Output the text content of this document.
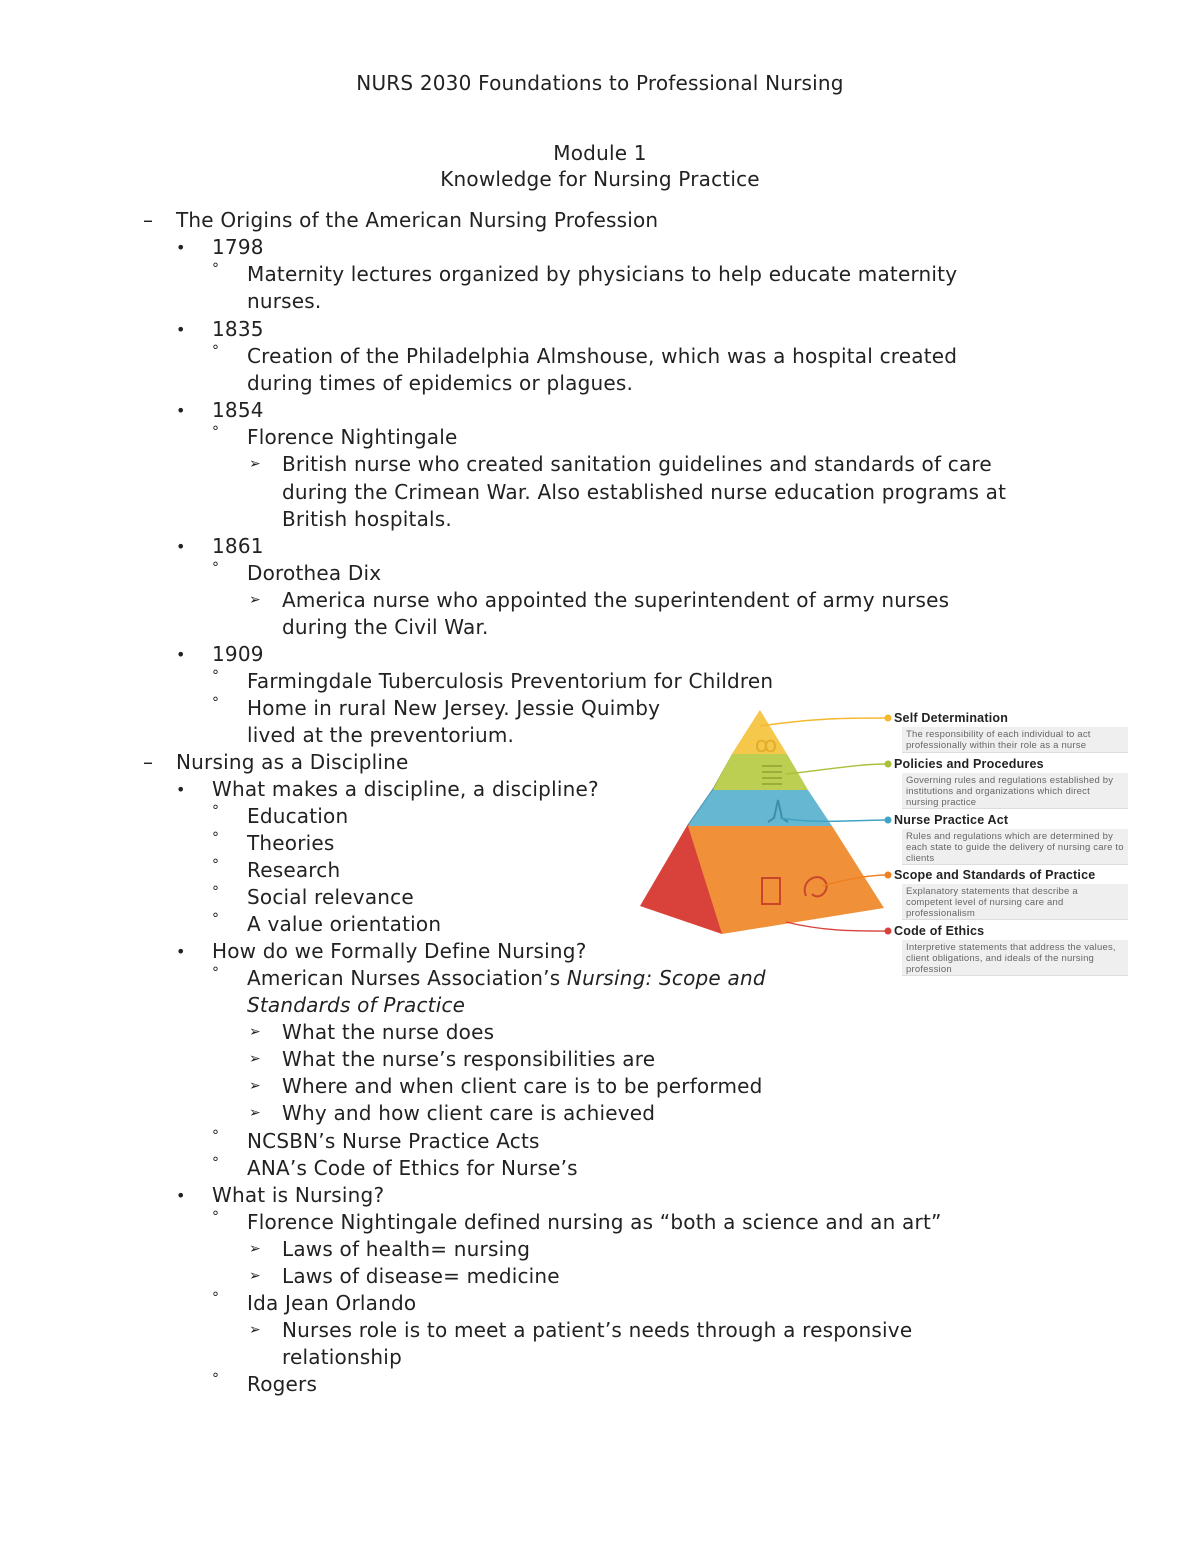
NURS 2030 Foundations to Professional Nursing
Module 1
Knowledge for Nursing Practice
– The Origins of the American Nursing Profession
• 1798
° Maternity lectures organized by physicians to help educate maternity
nurses.
• 1835
° Creation of the Philadelphia Almshouse, which was a hospital created
during times of epidemics or plagues.
• 1854
° Florence Nightingale
➢ British nurse who created sanitation guidelines and standards of care
during the Crimean War. Also established nurse education programs at
British hospitals.
• 1861
° Dorothea Dix
➢ America nurse who appointed the superintendent of army nurses
during the Civil War.
• 1909
° Farmingdale Tuberculosis Preventorium for Children
° Home in rural New Jersey. Jessie Quimby
lived at the preventorium.
– Nursing as a Discipline
• What makes a discipline, a discipline?
° Education
° Theories
° Research
° Social relevance
° A value orientation
• How do we Formally Define Nursing?
° American Nurses Association’s Nursing: Scope and
Standards of Practice
➢ What the nurse does
➢ What the nurse’s responsibilities are
➢ Where and when client care is to be performed
➢ Why and how client care is achieved
° NCSBN’s Nurse Practice Acts
° ANA’s Code of Ethics for Nurse’s
• What is Nursing?
° Florence Nightingale defined nursing as “both a science and an art”
➢ Laws of health= nursing
➢ Laws of disease= medicine
° Ida Jean Orlando
➢ Nurses role is to meet a patient’s needs through a responsive
relationship
° Rogers
ꝏ
Self Determination
The responsibility of each individual to act professionally within their role as a nurse
Policies and Procedures
Governing rules and regulations established by institutions and organizations which direct nursing practice
Nurse Practice Act
Rules and regulations which are determined by each state to guide the delivery of nursing care to clients
Scope and Standards of Practice
Explanatory statements that describe a competent level of nursing care and professionalism
Code of Ethics
Interpretive statements that address the values, client obligations, and ideals of the nursing profession
